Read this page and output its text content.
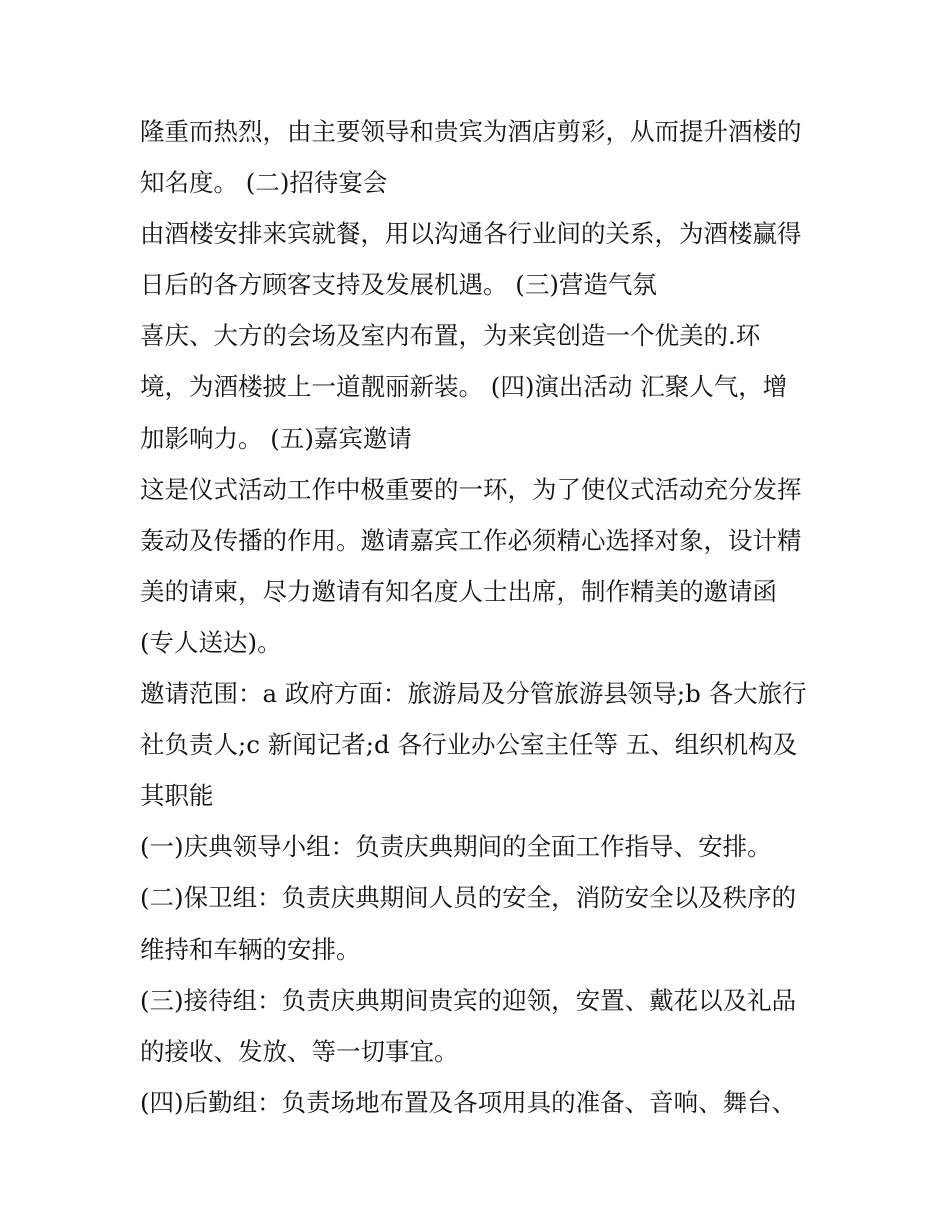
隆重而热烈，由主要领导和贵宾为酒店剪彩，从而提升酒楼的
知名度。 (二)招待宴会
由酒楼安排来宾就餐，用以沟通各行业间的关系，为酒楼赢得
日后的各方顾客支持及发展机遇。 (三)营造气氛
喜庆、大方的会场及室内布置，为来宾创造一个优美的.环
境，为酒楼披上一道靓丽新装。 (四)演出活动 汇聚人气，增
加影响力。 (五)嘉宾邀请
这是仪式活动工作中极重要的一环，为了使仪式活动充分发挥
轰动及传播的作用。邀请嘉宾工作必须精心选择对象，设计精
美的请柬，尽力邀请有知名度人士出席，制作精美的邀请函
(专人送达)。
邀请范围：a 政府方面：旅游局及分管旅游县领导;b 各大旅行
社负责人;c 新闻记者;d 各行业办公室主任等 五、组织机构及
其职能
(一)庆典领导小组：负责庆典期间的全面工作指导、安排。
(二)保卫组：负责庆典期间人员的安全，消防安全以及秩序的
维持和车辆的安排。
(三)接待组：负责庆典期间贵宾的迎领，安置、戴花以及礼品
的接收、发放、等一切事宜。
(四)后勤组：负责场地布置及各项用具的准备、音响、舞台、
